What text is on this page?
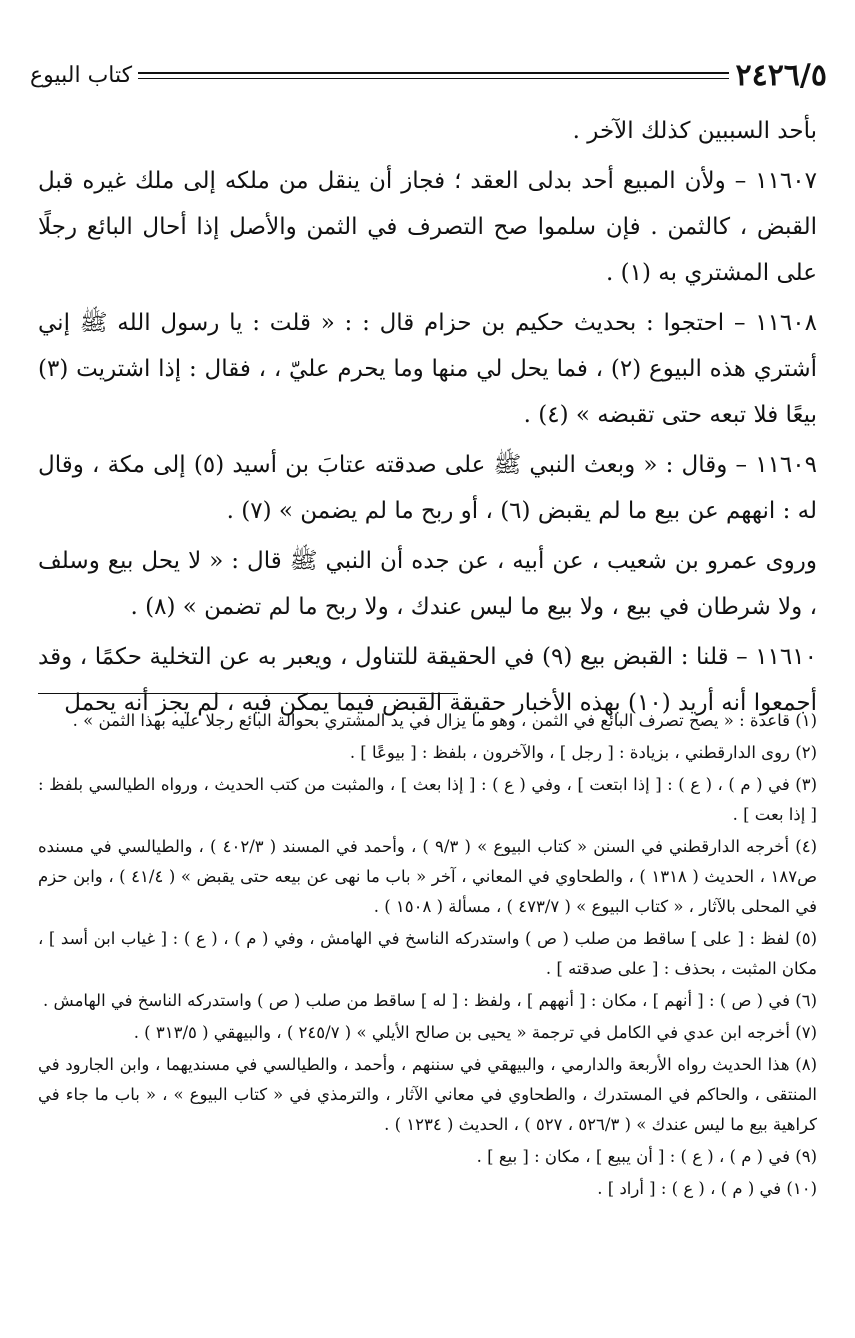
٢٤٢٦/٥
كتاب البيوع

بأحد السببين كذلك الآخر .

١١٦٠٧ – ولأن المبيع أحد بدلى العقد ؛ فجاز أن ينقل من ملكه إلى ملك غيره قبل القبض ، كالثمن . فإن سلموا صح التصرف في الثمن والأصل إذا أحال البائع رجلًا على المشتري به (١) .

١١٦٠٨ – احتجوا : بحديث حكيم بن حزام قال : : « قلت : يا رسول الله ﷺ إني أشتري هذه البيوع (٢) ، فما يحل لي منها وما يحرم عليّ ، ، فقال : إذا اشتريت (٣) بيعًا فلا تبعه حتى تقبضه » (٤) .

١١٦٠٩ – وقال : « وبعث النبي ﷺ على صدقته عتابَ بن أسيد (٥) إلى مكة ، وقال له : انههم عن بيع ما لم يقبض (٦) ، أو ربح ما لم يضمن » (٧) .

وروى عمرو بن شعيب ، عن أبيه ، عن جده أن النبي ﷺ قال : « لا يحل بيع وسلف ، ولا شرطان في بيع ، ولا بيع ما ليس عندك ، ولا ربح ما لم تضمن » (٨) .

١١٦١٠ – قلنا : القبض بيع (٩) في الحقيقة للتناول ، ويعبر به عن التخلية حكمًا ، وقد أجمعوا أنه أريد (١٠) بهذه الأخبار حقيقة القبض فيما يمكن فيه ، لم يجز أنه يحمل

(١) قاعدة : « يصح تصرف البائع في الثمن ، وهو ما يزال في يد المشتري بحوالة البائع رجلا عليه بهذا الثمن » .

(٢) روى الدارقطني ، بزيادة : [ رجل ] ، والآخرون ، بلفظ : [ بيوعًا ] .

(٣) في ( م ) ، ( ع ) : [ إذا ابتعت ] ، وفي ( ع ) : [ إذا بعث ] ، والمثبت من كتب الحديث ، ورواه الطيالسي بلفظ : [ إذا بعت ] .

(٤) أخرجه الدارقطني في السنن « كتاب البيوع » ( ٩/٣ ) ، وأحمد في المسند ( ٤٠٢/٣ ) ، والطيالسي في مسنده ص١٨٧ ، الحديث ( ١٣١٨ ) ، والطحاوي في المعاني ، آخر « باب ما نهى عن بيعه حتى يقبض » ( ٤١/٤ ) ، وابن حزم في المحلى بالآثار ، « كتاب البيوع » ( ٤٧٣/٧ ) ، مسألة ( ١٥٠٨ ) .

(٥) لفظ : [ على ] ساقط من صلب ( ص ) واستدركه الناسخ في الهامش ، وفي ( م ) ، ( ع ) : [ غياب ابن أسد ] ، مكان المثبت ، بحذف : [ على صدقته ] .

(٦) في ( ص ) : [ أنهم ] ، مكان : [ أنههم ] ، ولفظ : [ له ] ساقط من صلب ( ص ) واستدركه الناسخ في الهامش .

(٧) أخرجه ابن عدي في الكامل في ترجمة « يحيى بن صالح الأيلي » ( ٢٤٥/٧ ) ، والبيهقي ( ٣١٣/٥ ) .

(٨) هذا الحديث رواه الأربعة والدارمي ، والبيهقي في سننهم ، وأحمد ، والطيالسي في مسنديهما ، وابن الجارود في المنتقى ، والحاكم في المستدرك ، والطحاوي في معاني الآثار ، والترمذي في « كتاب البيوع » ، « باب ما جاء في كراهية بيع ما ليس عندك » ( ٥٢٦/٣ ، ٥٢٧ ) ، الحديث ( ١٢٣٤ ) .

(٩) في ( م ) ، ( ع ) : [ أن يبيع ] ، مكان : [ بيع ] .

(١٠) في ( م ) ، ( ع ) : [ أراد ] .
